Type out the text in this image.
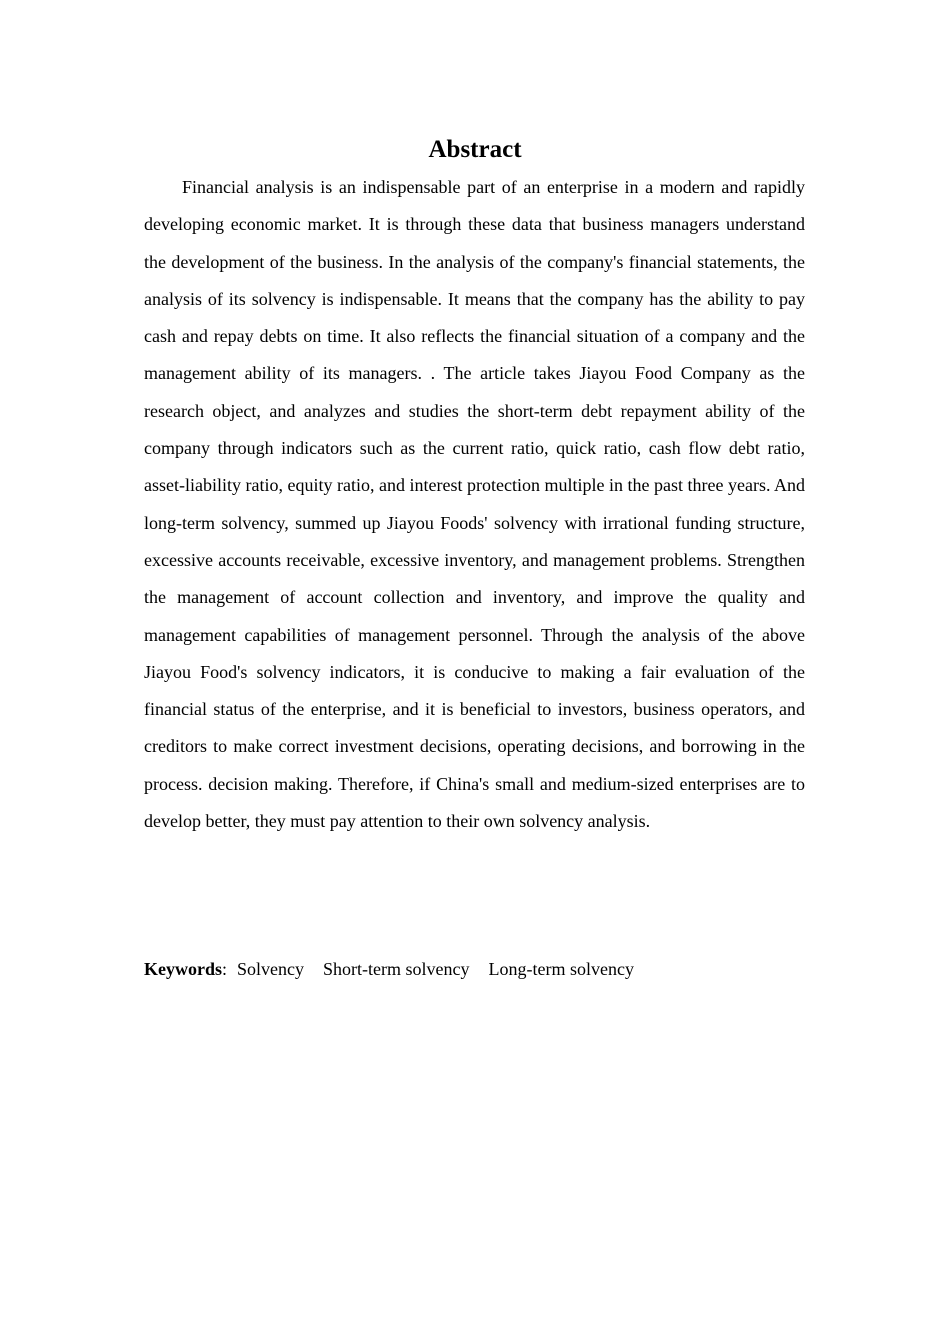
Abstract

Financial analysis is an indispensable part of an enterprise in a modern and rapidly developing economic market. It is through these data that business managers understand the development of the business. In the analysis of the company's financial statements, the analysis of its solvency is indispensable. It means that the company has the ability to pay cash and repay debts on time. It also reflects the financial situation of a company and the management ability of its managers. . The article takes Jiayou Food Company as the research object, and analyzes and studies the short-term debt repayment ability of the company through indicators such as the current ratio, quick ratio, cash flow debt ratio, asset-liability ratio, equity ratio, and interest protection multiple in the past three years. And long-term solvency, summed up Jiayou Foods' solvency with irrational funding structure, excessive accounts receivable, excessive inventory, and management problems. Strengthen the management of account collection and inventory, and improve the quality and management capabilities of management personnel. Through the analysis of the above Jiayou Food's solvency indicators, it is conducive to making a fair evaluation of the financial status of the enterprise, and it is beneficial to investors, business operators, and creditors to make correct investment decisions, operating decisions, and borrowing in the process. decision making. Therefore, if China's small and medium-sized enterprises are to develop better, they must pay attention to their own solvency analysis.

Keywords: Solvency Short-term solvency Long-term solvency
